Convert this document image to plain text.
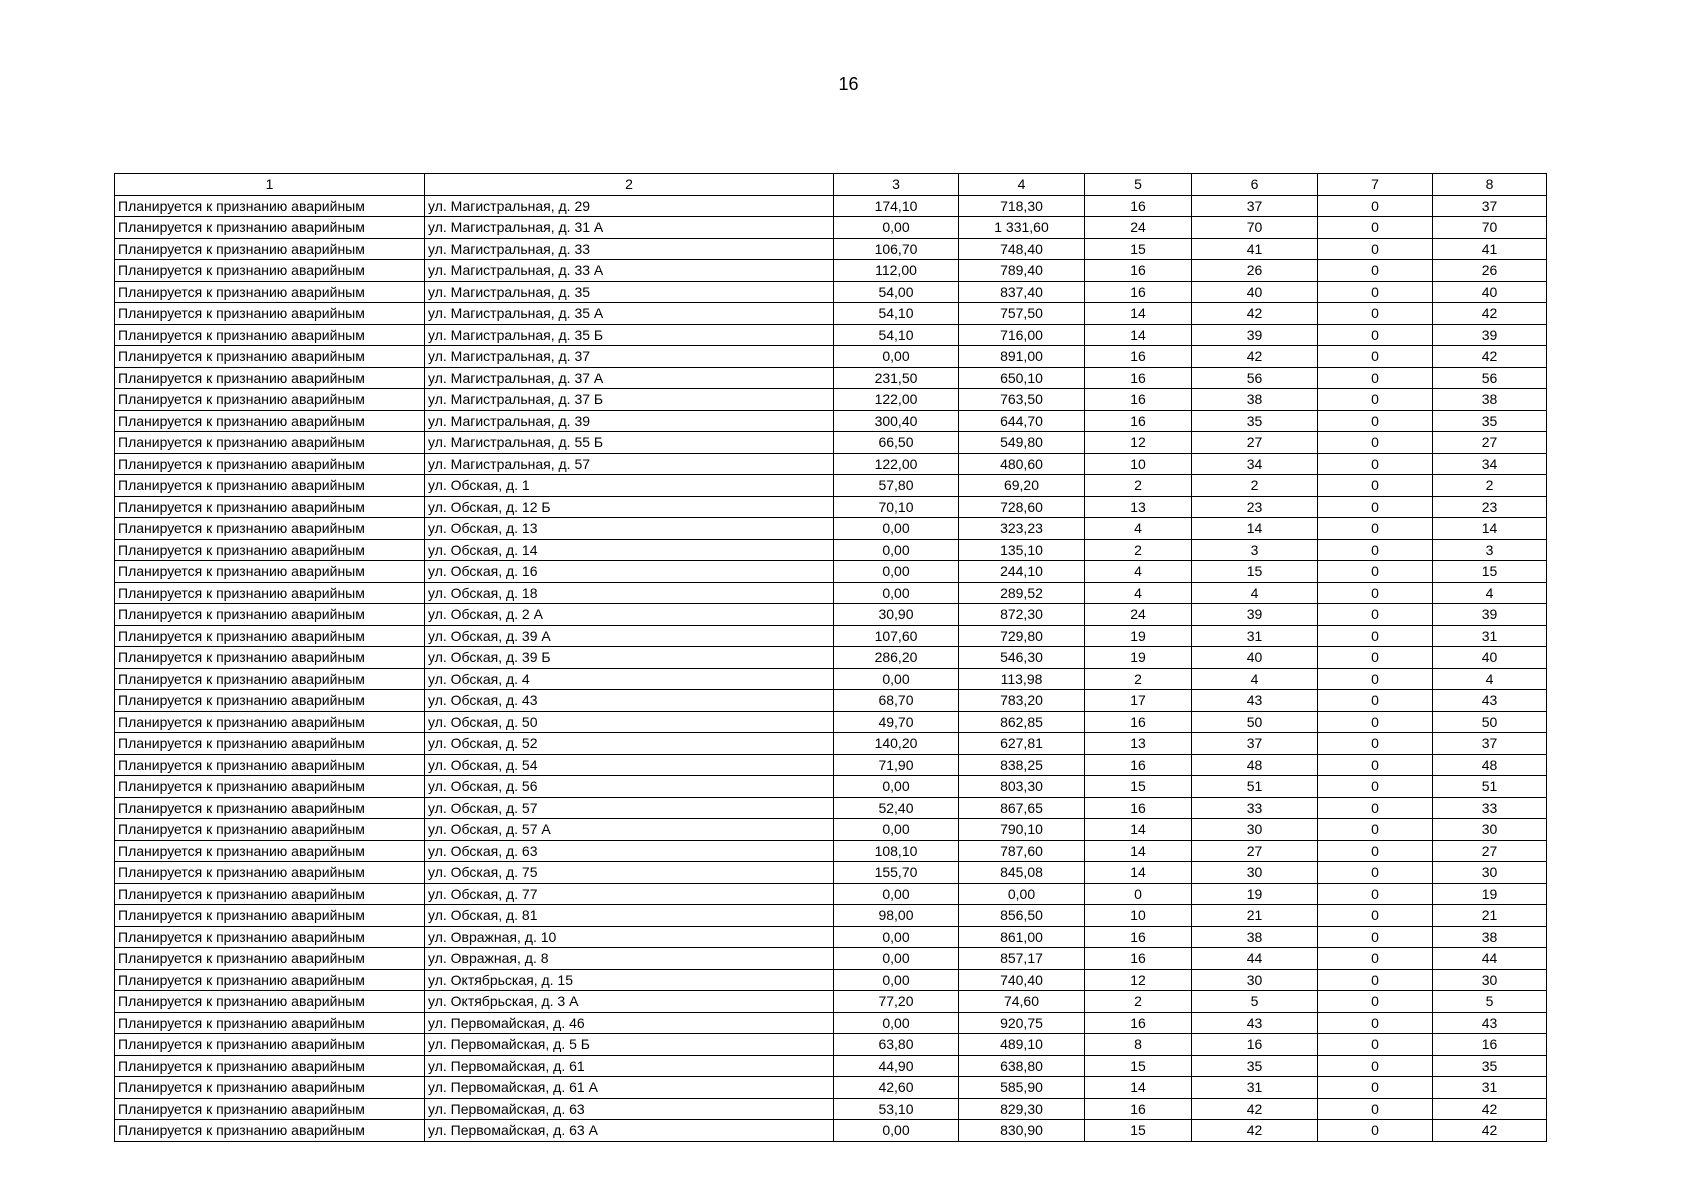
16
1	2	3	4	5	6	7	8
Планируется к признанию аварийным	ул. Магистральная, д. 29	174,10	718,30	16	37	0	37
Планируется к признанию аварийным	ул. Магистральная, д. 31 А	0,00	1 331,60	24	70	0	70
Планируется к признанию аварийным	ул. Магистральная, д. 33	106,70	748,40	15	41	0	41
Планируется к признанию аварийным	ул. Магистральная, д. 33 А	112,00	789,40	16	26	0	26
Планируется к признанию аварийным	ул. Магистральная, д. 35	54,00	837,40	16	40	0	40
Планируется к признанию аварийным	ул. Магистральная, д. 35 А	54,10	757,50	14	42	0	42
Планируется к признанию аварийным	ул. Магистральная, д. 35 Б	54,10	716,00	14	39	0	39
Планируется к признанию аварийным	ул. Магистральная, д. 37	0,00	891,00	16	42	0	42
Планируется к признанию аварийным	ул. Магистральная, д. 37 А	231,50	650,10	16	56	0	56
Планируется к признанию аварийным	ул. Магистральная, д. 37 Б	122,00	763,50	16	38	0	38
Планируется к признанию аварийным	ул. Магистральная, д. 39	300,40	644,70	16	35	0	35
Планируется к признанию аварийным	ул. Магистральная, д. 55 Б	66,50	549,80	12	27	0	27
Планируется к признанию аварийным	ул. Магистральная, д. 57	122,00	480,60	10	34	0	34
Планируется к признанию аварийным	ул. Обская, д. 1	57,80	69,20	2	2	0	2
Планируется к признанию аварийным	ул. Обская, д. 12 Б	70,10	728,60	13	23	0	23
Планируется к признанию аварийным	ул. Обская, д. 13	0,00	323,23	4	14	0	14
Планируется к признанию аварийным	ул. Обская, д. 14	0,00	135,10	2	3	0	3
Планируется к признанию аварийным	ул. Обская, д. 16	0,00	244,10	4	15	0	15
Планируется к признанию аварийным	ул. Обская, д. 18	0,00	289,52	4	4	0	4
Планируется к признанию аварийным	ул. Обская, д. 2 А	30,90	872,30	24	39	0	39
Планируется к признанию аварийным	ул. Обская, д. 39 А	107,60	729,80	19	31	0	31
Планируется к признанию аварийным	ул. Обская, д. 39 Б	286,20	546,30	19	40	0	40
Планируется к признанию аварийным	ул. Обская, д. 4	0,00	113,98	2	4	0	4
Планируется к признанию аварийным	ул. Обская, д. 43	68,70	783,20	17	43	0	43
Планируется к признанию аварийным	ул. Обская, д. 50	49,70	862,85	16	50	0	50
Планируется к признанию аварийным	ул. Обская, д. 52	140,20	627,81	13	37	0	37
Планируется к признанию аварийным	ул. Обская, д. 54	71,90	838,25	16	48	0	48
Планируется к признанию аварийным	ул. Обская, д. 56	0,00	803,30	15	51	0	51
Планируется к признанию аварийным	ул. Обская, д. 57	52,40	867,65	16	33	0	33
Планируется к признанию аварийным	ул. Обская, д. 57 А	0,00	790,10	14	30	0	30
Планируется к признанию аварийным	ул. Обская, д. 63	108,10	787,60	14	27	0	27
Планируется к признанию аварийным	ул. Обская, д. 75	155,70	845,08	14	30	0	30
Планируется к признанию аварийным	ул. Обская, д. 77	0,00	0,00	0	19	0	19
Планируется к признанию аварийным	ул. Обская, д. 81	98,00	856,50	10	21	0	21
Планируется к признанию аварийным	ул. Овражная, д. 10	0,00	861,00	16	38	0	38
Планируется к признанию аварийным	ул. Овражная, д. 8	0,00	857,17	16	44	0	44
Планируется к признанию аварийным	ул. Октябрьская, д. 15	0,00	740,40	12	30	0	30
Планируется к признанию аварийным	ул. Октябрьская, д. 3 А	77,20	74,60	2	5	0	5
Планируется к признанию аварийным	ул. Первомайская, д. 46	0,00	920,75	16	43	0	43
Планируется к признанию аварийным	ул. Первомайская, д. 5 Б	63,80	489,10	8	16	0	16
Планируется к признанию аварийным	ул. Первомайская, д. 61	44,90	638,80	15	35	0	35
Планируется к признанию аварийным	ул. Первомайская, д. 61 А	42,60	585,90	14	31	0	31
Планируется к признанию аварийным	ул. Первомайская, д. 63	53,10	829,30	16	42	0	42
Планируется к признанию аварийным	ул. Первомайская, д. 63 А	0,00	830,90	15	42	0	42
